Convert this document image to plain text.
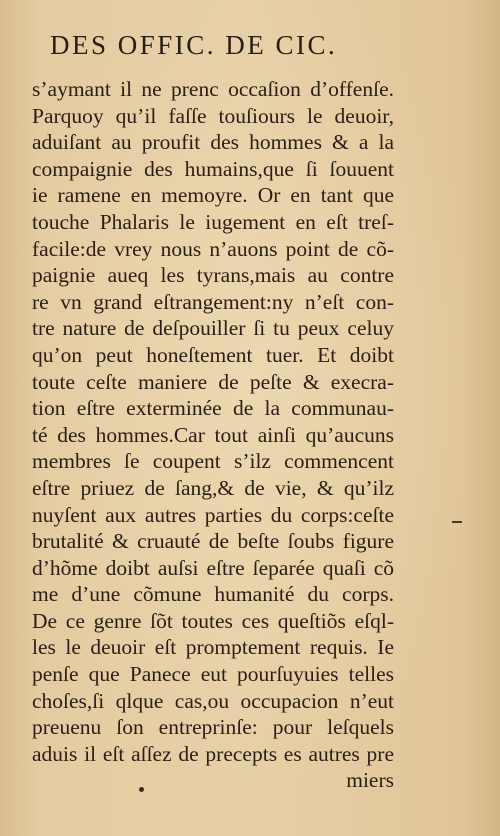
DES OFFIC. DE CIC.
s’aymant il ne prenc occaſion d’offenſe.
Parquoy qu’il faſſe touſiours le deuoir,
aduiſant au proufit des hommes & a la
compaignie des humains,que ſi ſouuent
ie ramene en memoyre. Or en tant que
touche Phalaris le iugement en eſt treſ-
facile:de vrey nous n’auons point de cõ-
paignie aueq les tyrans,mais au contre
re vn grand eſtrangement:ny n’eſt con-
tre nature de deſpouiller ſi tu peux celuy
qu’on peut honeſtement tuer. Et doibt
toute ceſte maniere de peſte & execra-
tion eſtre exterminée de la communau-
té des hommes.Car tout ainſi qu’aucuns
membres ſe coupent s’ilz commencent
eſtre priuez de ſang,& de vie, & qu’ilz
nuyſent aux autres parties du corps:ceſte
brutalité & cruauté de beſte ſoubs figure
d’hõme doibt auſsi eſtre ſeparée quaſi cõ
me d’une cõmune humanité du corps.
De ce genre ſõt toutes ces queſtiõs eſql-
les le deuoir eſt promptement requis. Ie
penſe que Panece eut pourſuyuies telles
choſes,ſi qlque cas,ou occupacion n’eut
preuenu ſon entreprinſe: pour leſquels
aduis il eſt aſſez de precepts es autres pre
miers
